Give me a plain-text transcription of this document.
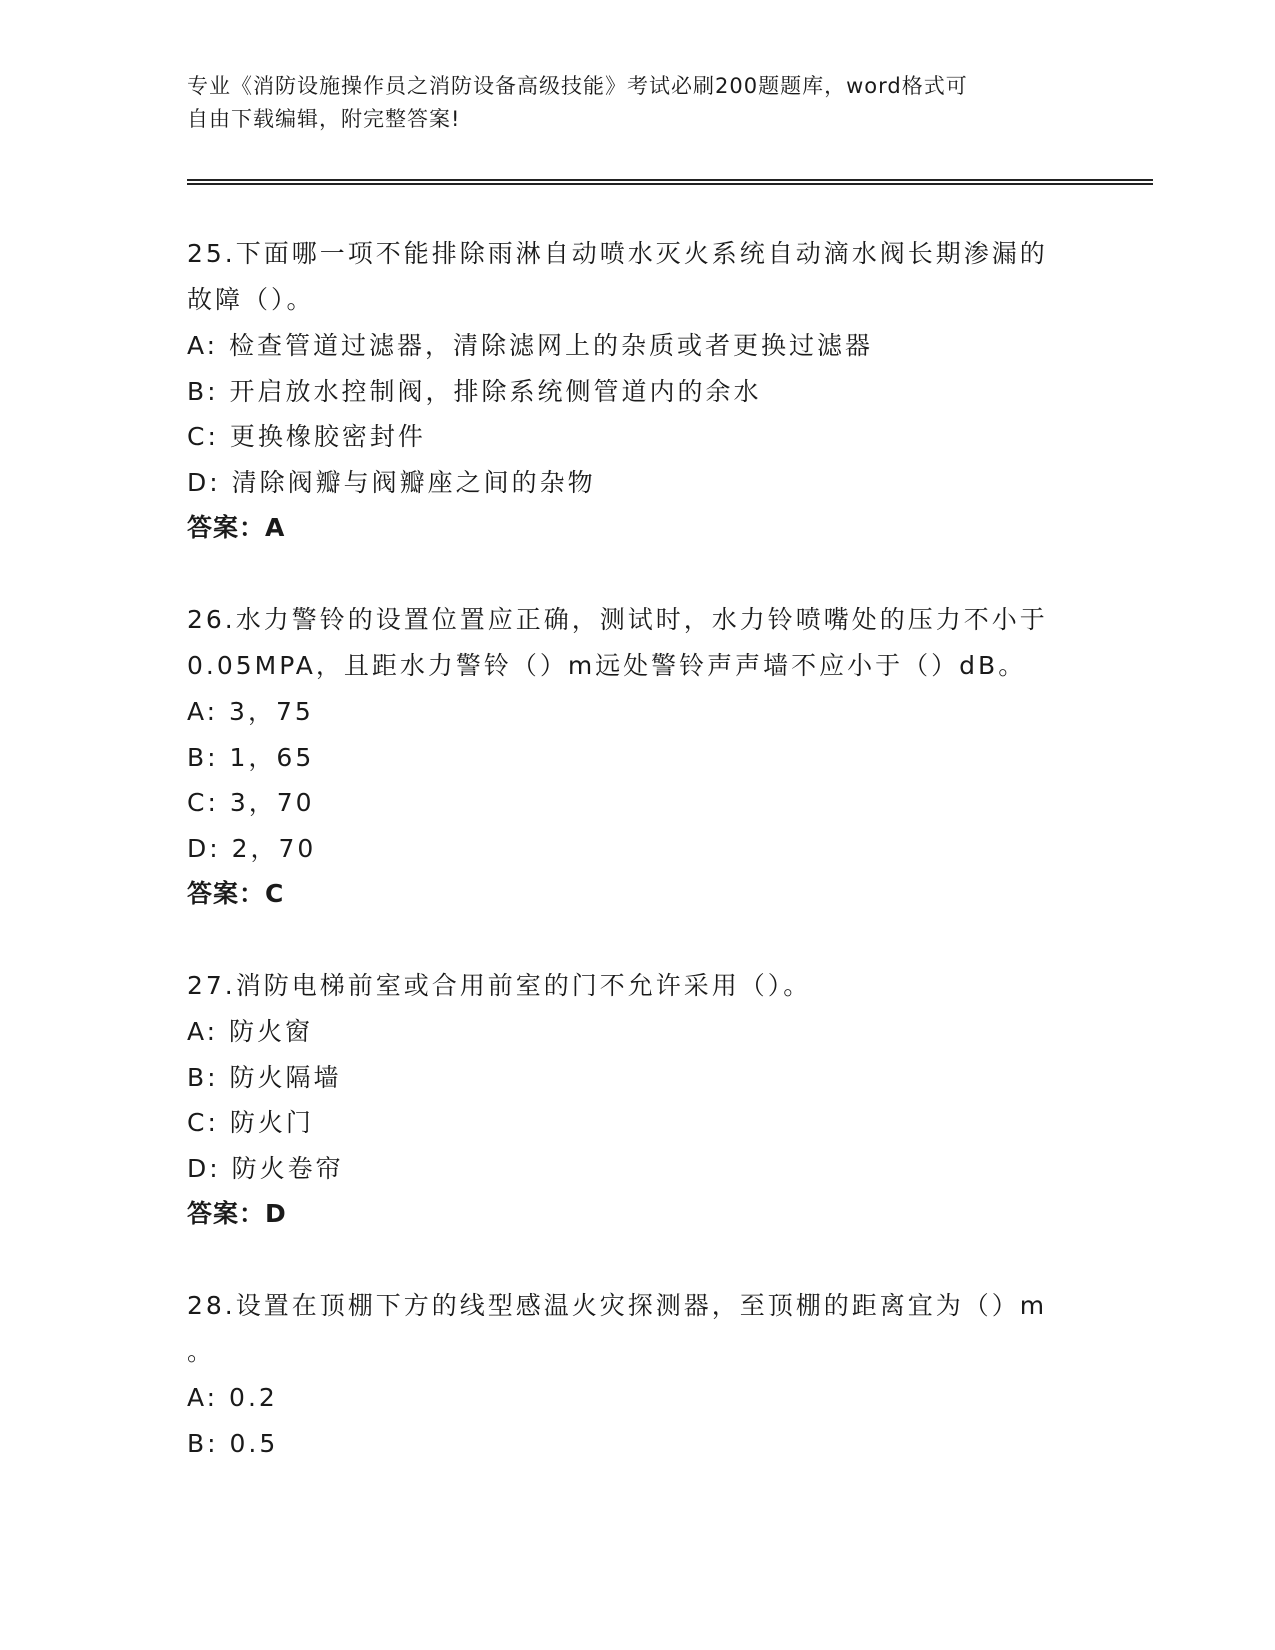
专业《消防设施操作员之消防设备高级技能》考试必刷200题题库，word格式可
自由下载编辑，附完整答案!
25.下面哪一项不能排除雨淋自动喷水灭火系统自动滴水阀长期渗漏的
故障（）。
A: 检查管道过滤器，清除滤网上的杂质或者更换过滤器
B: 开启放水控制阀，排除系统侧管道内的余水
C: 更换橡胶密封件
D: 清除阀瓣与阀瓣座之间的杂物
答案：A
26.水力警铃的设置位置应正确，测试时，水力铃喷嘴处的压力不小于
0.05MPA，且距水力警铃（）m远处警铃声声墙不应小于（）dB。
A: 3，75
B: 1，65
C: 3，70
D: 2，70
答案：C
27.消防电梯前室或合用前室的门不允许采用（）。
A: 防火窗
B: 防火隔墙
C: 防火门
D: 防火卷帘
答案：D
28.设置在顶棚下方的线型感温火灾探测器，至顶棚的距离宜为（）m
。
A: 0.2
B: 0.5
